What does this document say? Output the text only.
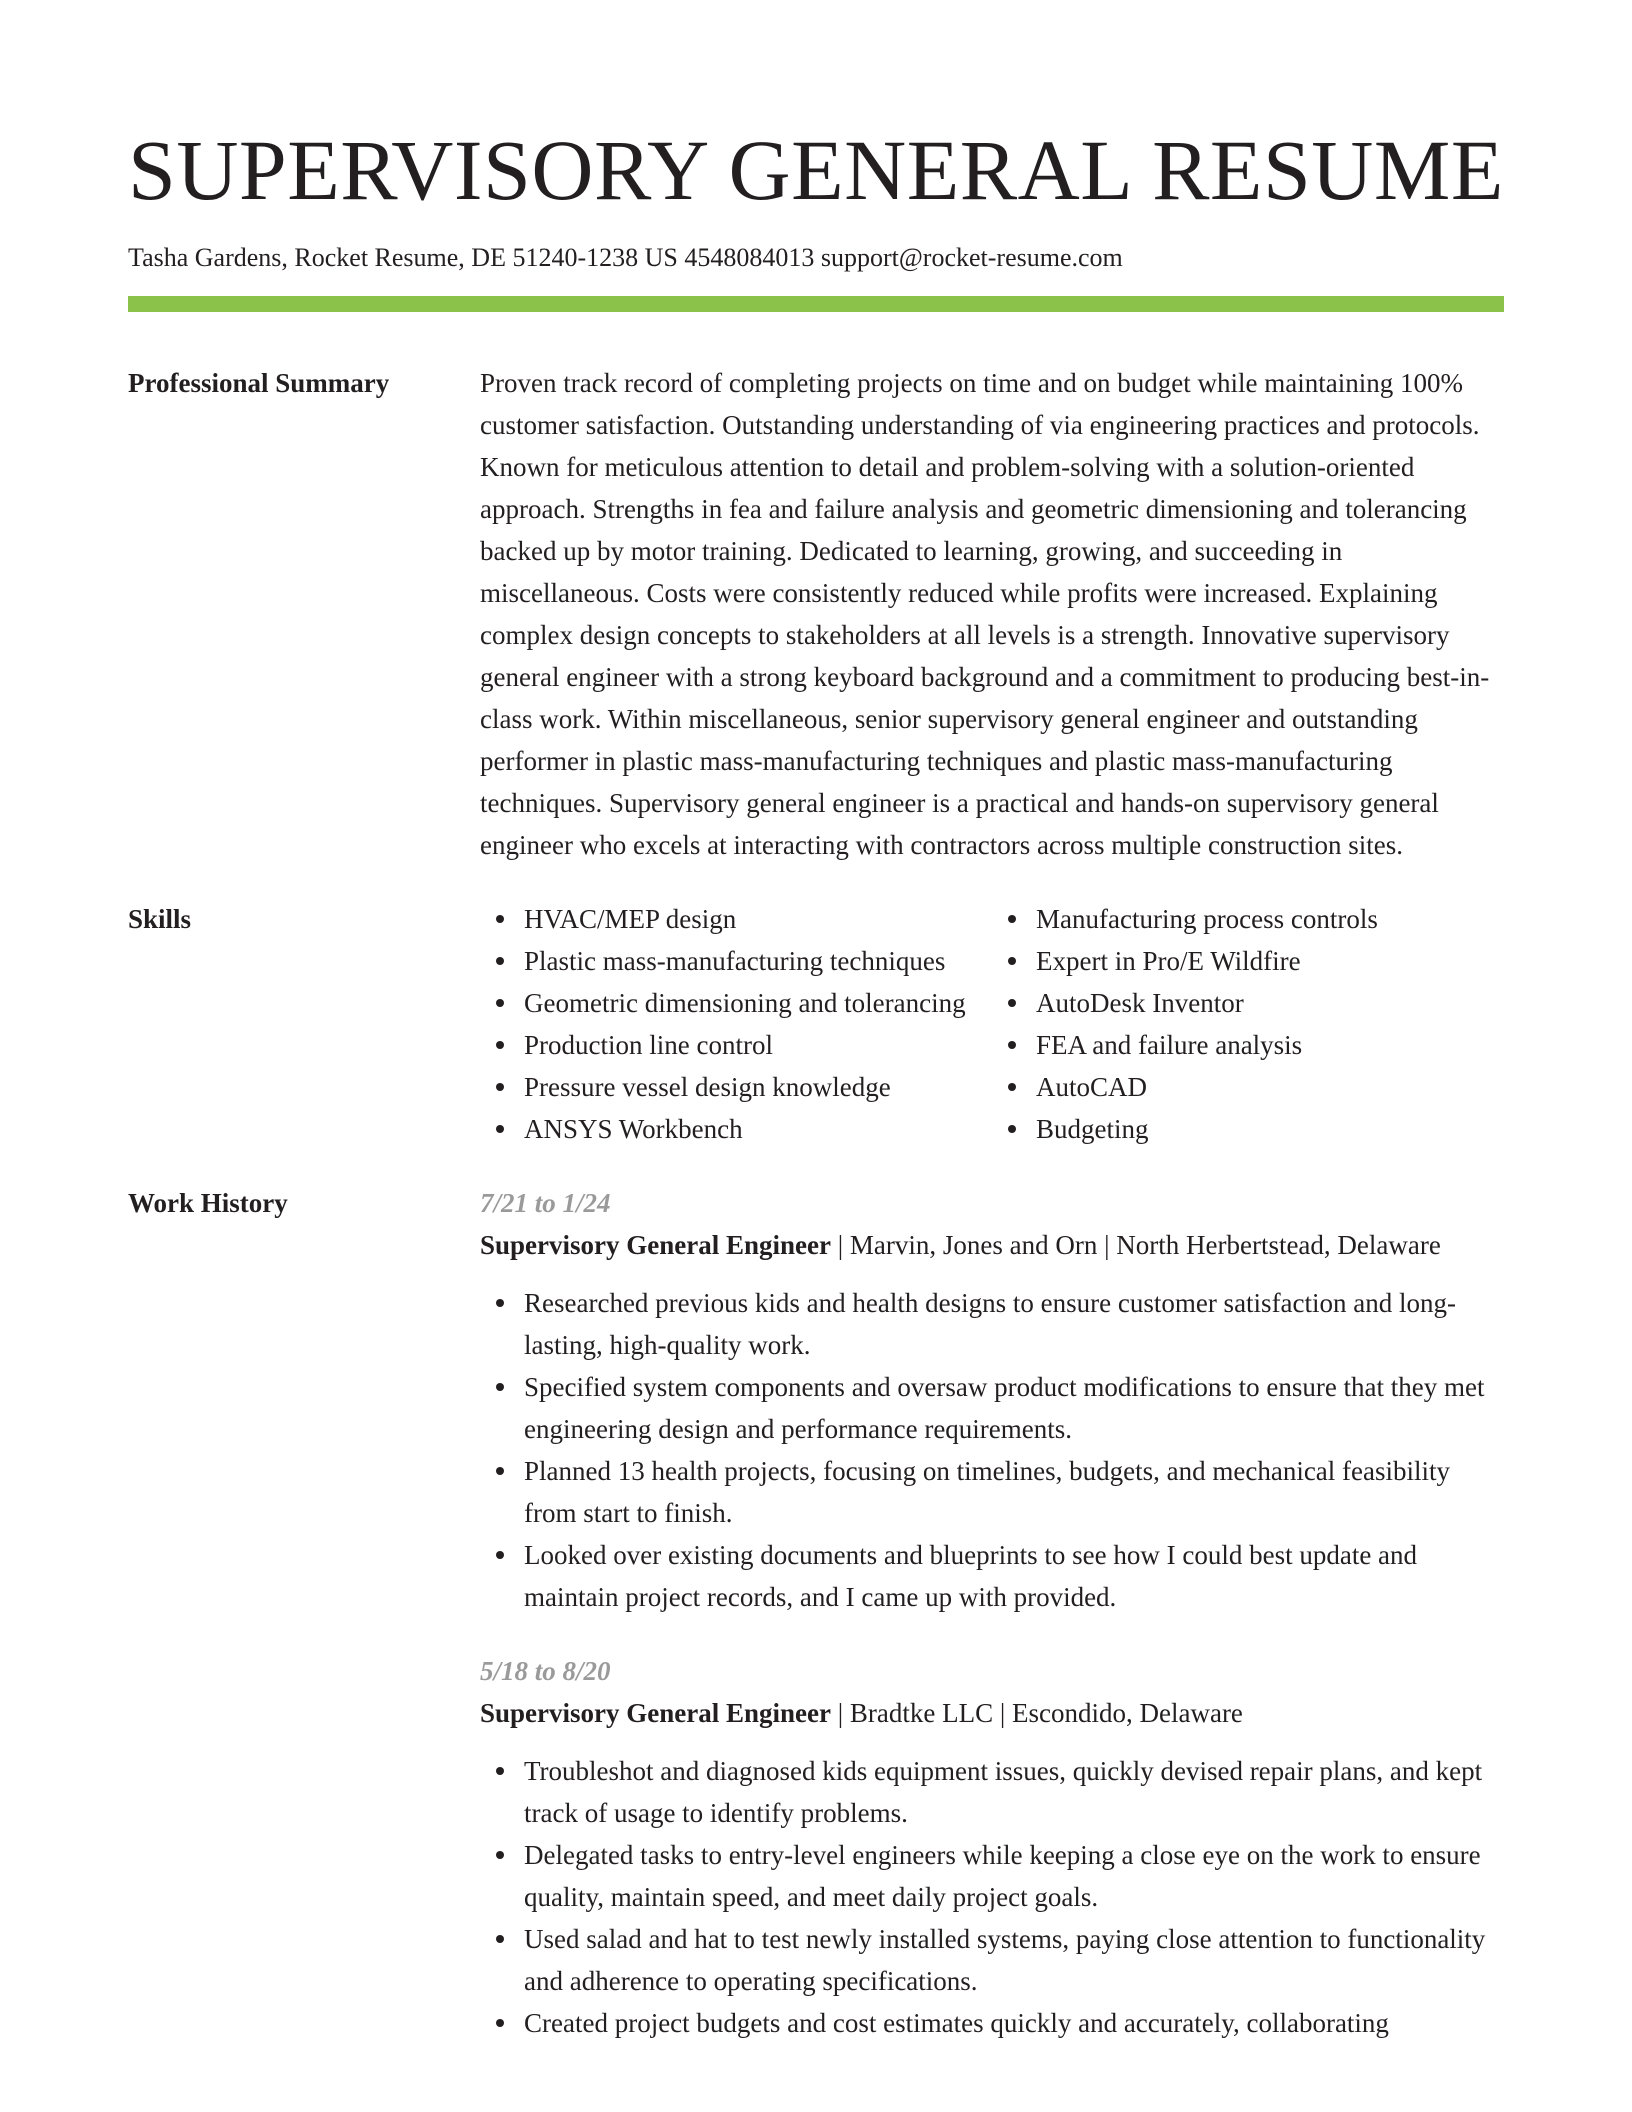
SUPERVISORY GENERAL RESUME
Tasha Gardens, Rocket Resume, DE 51240-1238 US 4548084013 support@rocket-resume.com
Professional Summary	Proven track record of completing projects on time and on budget while maintaining 100% customer satisfaction. Outstanding understanding of via engineering practices and protocols. Known for meticulous attention to detail and problem-solving with a solution-oriented approach. Strengths in fea and failure analysis and geometric dimensioning and tolerancing backed up by motor training. Dedicated to learning, growing, and succeeding in miscellaneous. Costs were consistently reduced while profits were increased. Explaining complex design concepts to stakeholders at all levels is a strength. Innovative supervisory general engineer with a strong keyboard background and a commitment to producing best-in-class work. Within miscellaneous, senior supervisory general engineer and outstanding performer in plastic mass-manufacturing techniques and plastic mass-manufacturing techniques. Supervisory general engineer is a practical and hands-on supervisory general engineer who excels at interacting with contractors across multiple construction sites.

Skills	HVAC/MEP design
Plastic mass-manufacturing techniques
Geometric dimensioning and tolerancing
Production line control
Pressure vessel design knowledge
ANSYS Workbench
Manufacturing process controls
Expert in Pro/E Wildfire
AutoDesk Inventor
FEA and failure analysis
AutoCAD
Budgeting
Work History	7/21 to 1/24
Supervisory General Engineer | Marvin, Jones and Orn | North Herbertstead, Delaware
Researched previous kids and health designs to ensure customer satisfaction and long-lasting, high-quality work.
Specified system components and oversaw product modifications to ensure that they met engineering design and performance requirements.
Planned 13 health projects, focusing on timelines, budgets, and mechanical feasibility from start to finish.
Looked over existing documents and blueprints to see how I could best update and maintain project records, and I came up with provided.
5/18 to 8/20
Supervisory General Engineer | Bradtke LLC | Escondido, Delaware
Troubleshot and diagnosed kids equipment issues, quickly devised repair plans, and kept track of usage to identify problems.
Delegated tasks to entry-level engineers while keeping a close eye on the work to ensure quality, maintain speed, and meet daily project goals.
Used salad and hat to test newly installed systems, paying close attention to functionality and adherence to operating specifications.
Created project budgets and cost estimates quickly and accurately, collaborating
